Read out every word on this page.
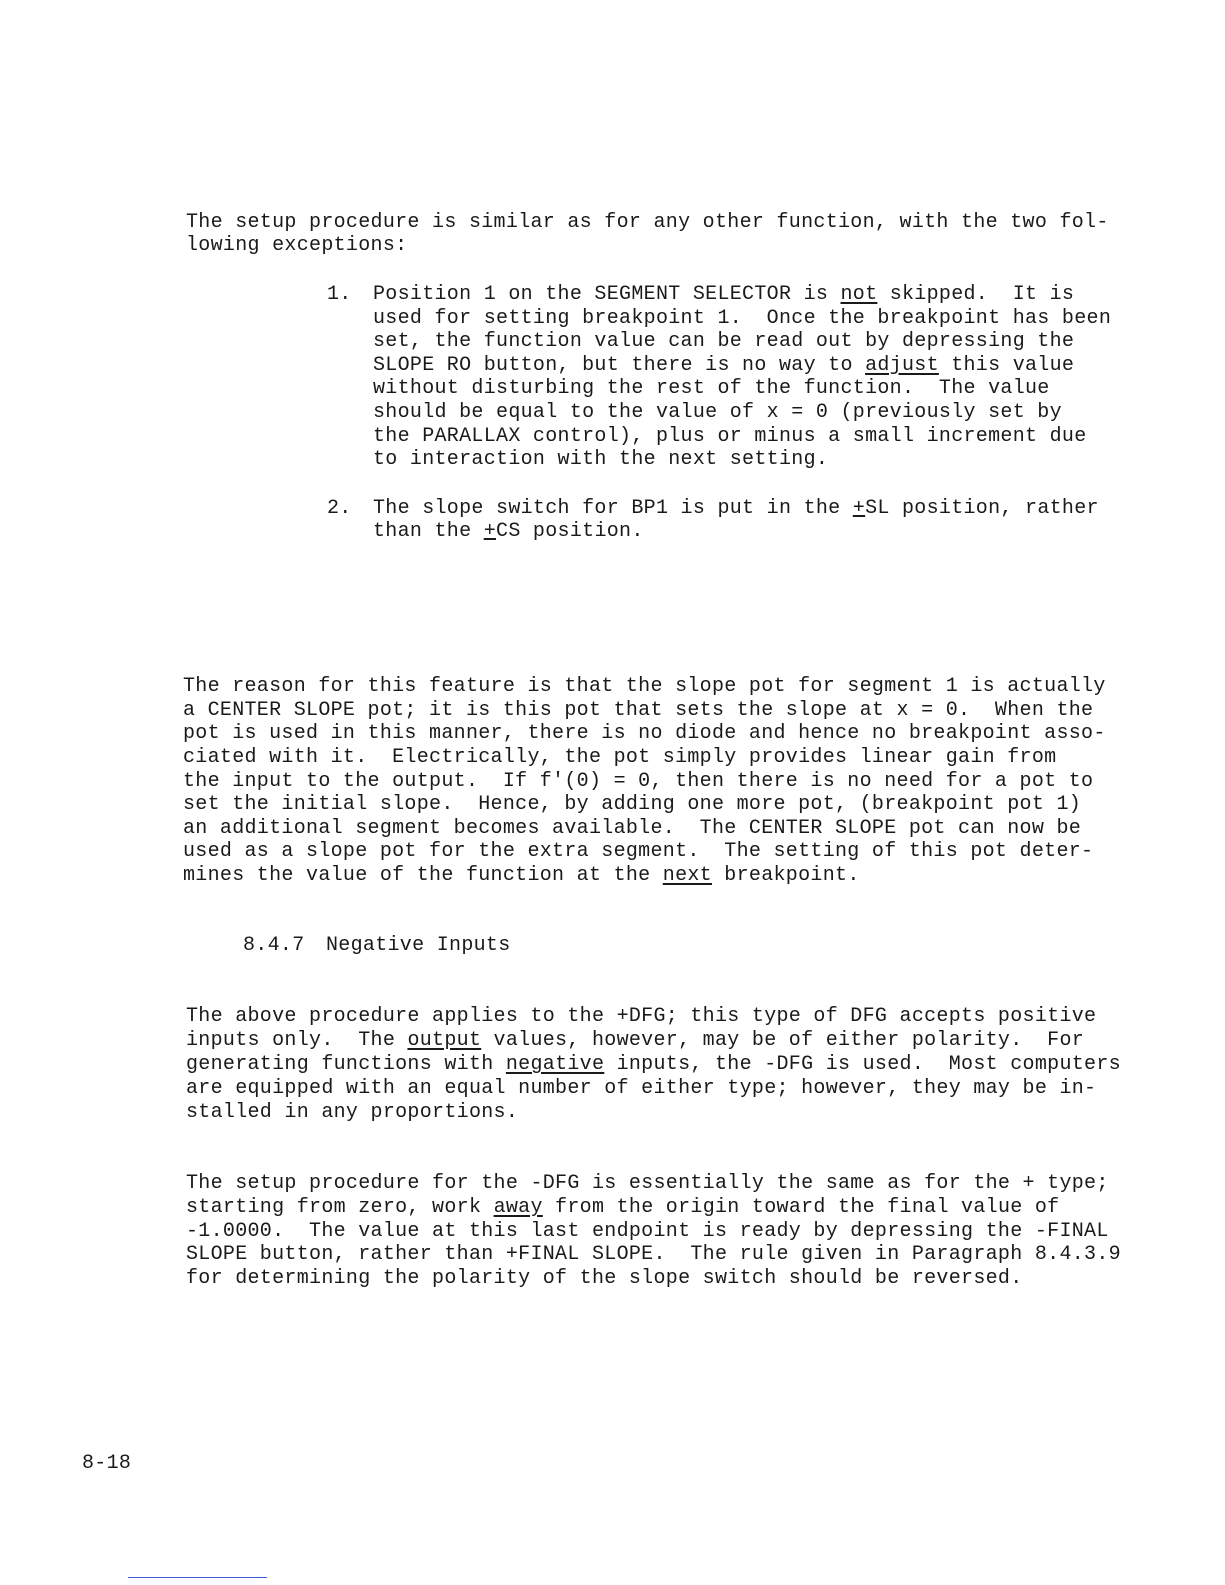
The setup procedure is similar as for any other function, with the two fol-
lowing exceptions:
1. Position 1 on the SEGMENT SELECTOR is not skipped.  It is
used for setting breakpoint 1.  Once the breakpoint has been
set, the function value can be read out by depressing the
SLOPE RO button, but there is no way to adjust this value
without disturbing the rest of the function.  The value
should be equal to the value of x = 0 (previously set by
the PARALLAX control), plus or minus a small increment due
to interaction with the next setting.
2. The slope switch for BP1 is put in the +SL position, rather
than the +CS position.
The reason for this feature is that the slope pot for segment 1 is actually
a CENTER SLOPE pot; it is this pot that sets the slope at x = 0.  When the
pot is used in this manner, there is no diode and hence no breakpoint asso-
ciated with it.  Electrically, the pot simply provides linear gain from
the input to the output.  If f'(0) = 0, then there is no need for a pot to
set the initial slope.  Hence, by adding one more pot, (breakpoint pot 1)
an additional segment becomes available.  The CENTER SLOPE pot can now be
used as a slope pot for the extra segment.  The setting of this pot deter-
mines the value of the function at the next breakpoint.
8.4.7 Negative Inputs
The above procedure applies to the +DFG; this type of DFG accepts positive
inputs only.  The output values, however, may be of either polarity.  For
generating functions with negative inputs, the -DFG is used.  Most computers
are equipped with an equal number of either type; however, they may be in-
stalled in any proportions.
The setup procedure for the -DFG is essentially the same as for the + type;
starting from zero, work away from the origin toward the final value of
-1.0000.  The value at this last endpoint is ready by depressing the -FINAL
SLOPE button, rather than +FINAL SLOPE.  The rule given in Paragraph 8.4.3.9
for determining the polarity of the slope switch should be reversed.
8-18
